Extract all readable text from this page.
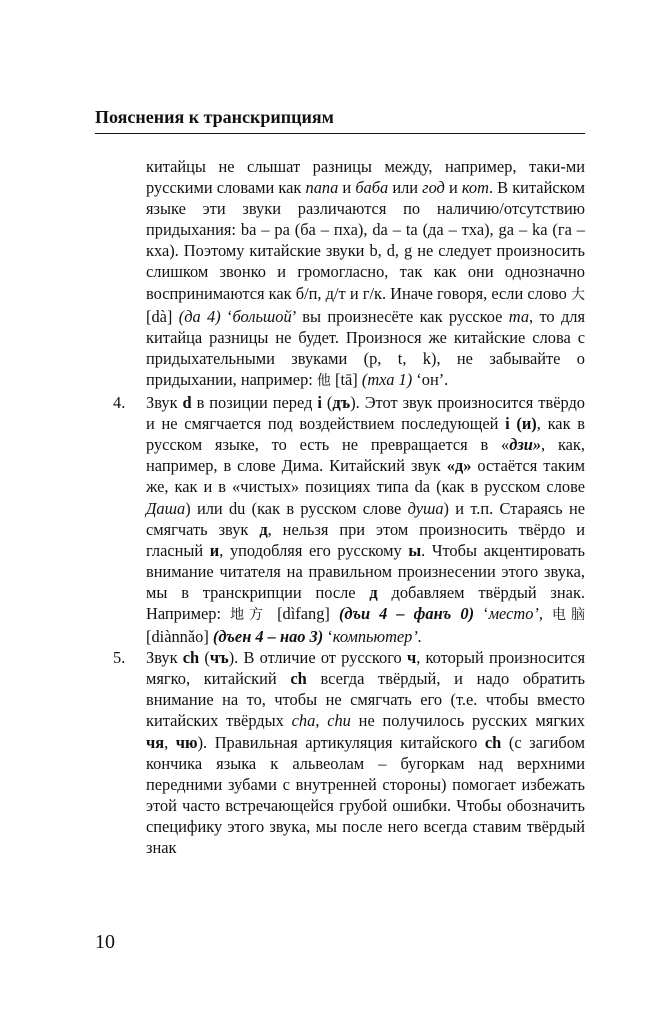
Пояснения к транскрипциям

китайцы не слышат разницы между, например, таки-ми русскими словами как папа и баба или год и кот. В китайском языке эти звуки различаются по наличию/отсутствию придыхания: ba – pa (ба – пха), da – ta (да – тха), ga – ka (га – кха). Поэтому китайские звуки b, d, g не следует произносить слишком звонко и громогласно, так как они однозначно воспринимаются как б/п, д/т и г/к. Иначе говоря, если слово 大 [dà] (да 4) ‘большой’ вы произнесёте как русское та, то для китайца разницы не будет. Произнося же китайские слова с придыхательными звуками (p, t, k), не забывайте о придыхании, например: 他 [tā] (тха 1) ‘он’.

4. Звук d в позиции перед i (дъ). Этот звук произносится твёрдо и не смягчается под воздействием последующей i (и), как в русском языке, то есть не превращается в «дзи», как, например, в слове Дима. Китайский звук «д» остаётся таким же, как и в «чистых» позициях типа da (как в русском слове Даша) или du (как в русском слове душа) и т.п. Стараясь не смягчать звук д, нельзя при этом произносить твёрдо и гласный и, уподобляя его русскому ы. Чтобы акцентировать внимание читателя на правильном произнесении этого звука, мы в транскрипции после д добавляем твёрдый знак. Например: 地方 [dìfang] (дъи 4 – фанъ 0) ‘место’, 电脑 [diànnǎo] (дъен 4 – нао 3) ‘компьютер’.
5. Звук ch (чъ). В отличие от русского ч, который произносится мягко, китайский ch всегда твёрдый, и надо обратить внимание на то, чтобы не смягчать его (т.е. чтобы вместо китайских твёрдых cha, chu не получилось русских мягких чя, чю). Правильная артикуляция китайского ch (с загибом кончика языка к альвеолам – бугоркам над верхними передними зубами с внутренней стороны) помогает избежать этой часто встречающейся грубой ошибки. Чтобы обозначить специфику этого звука, мы после него всегда ставим твёрдый знак
10
